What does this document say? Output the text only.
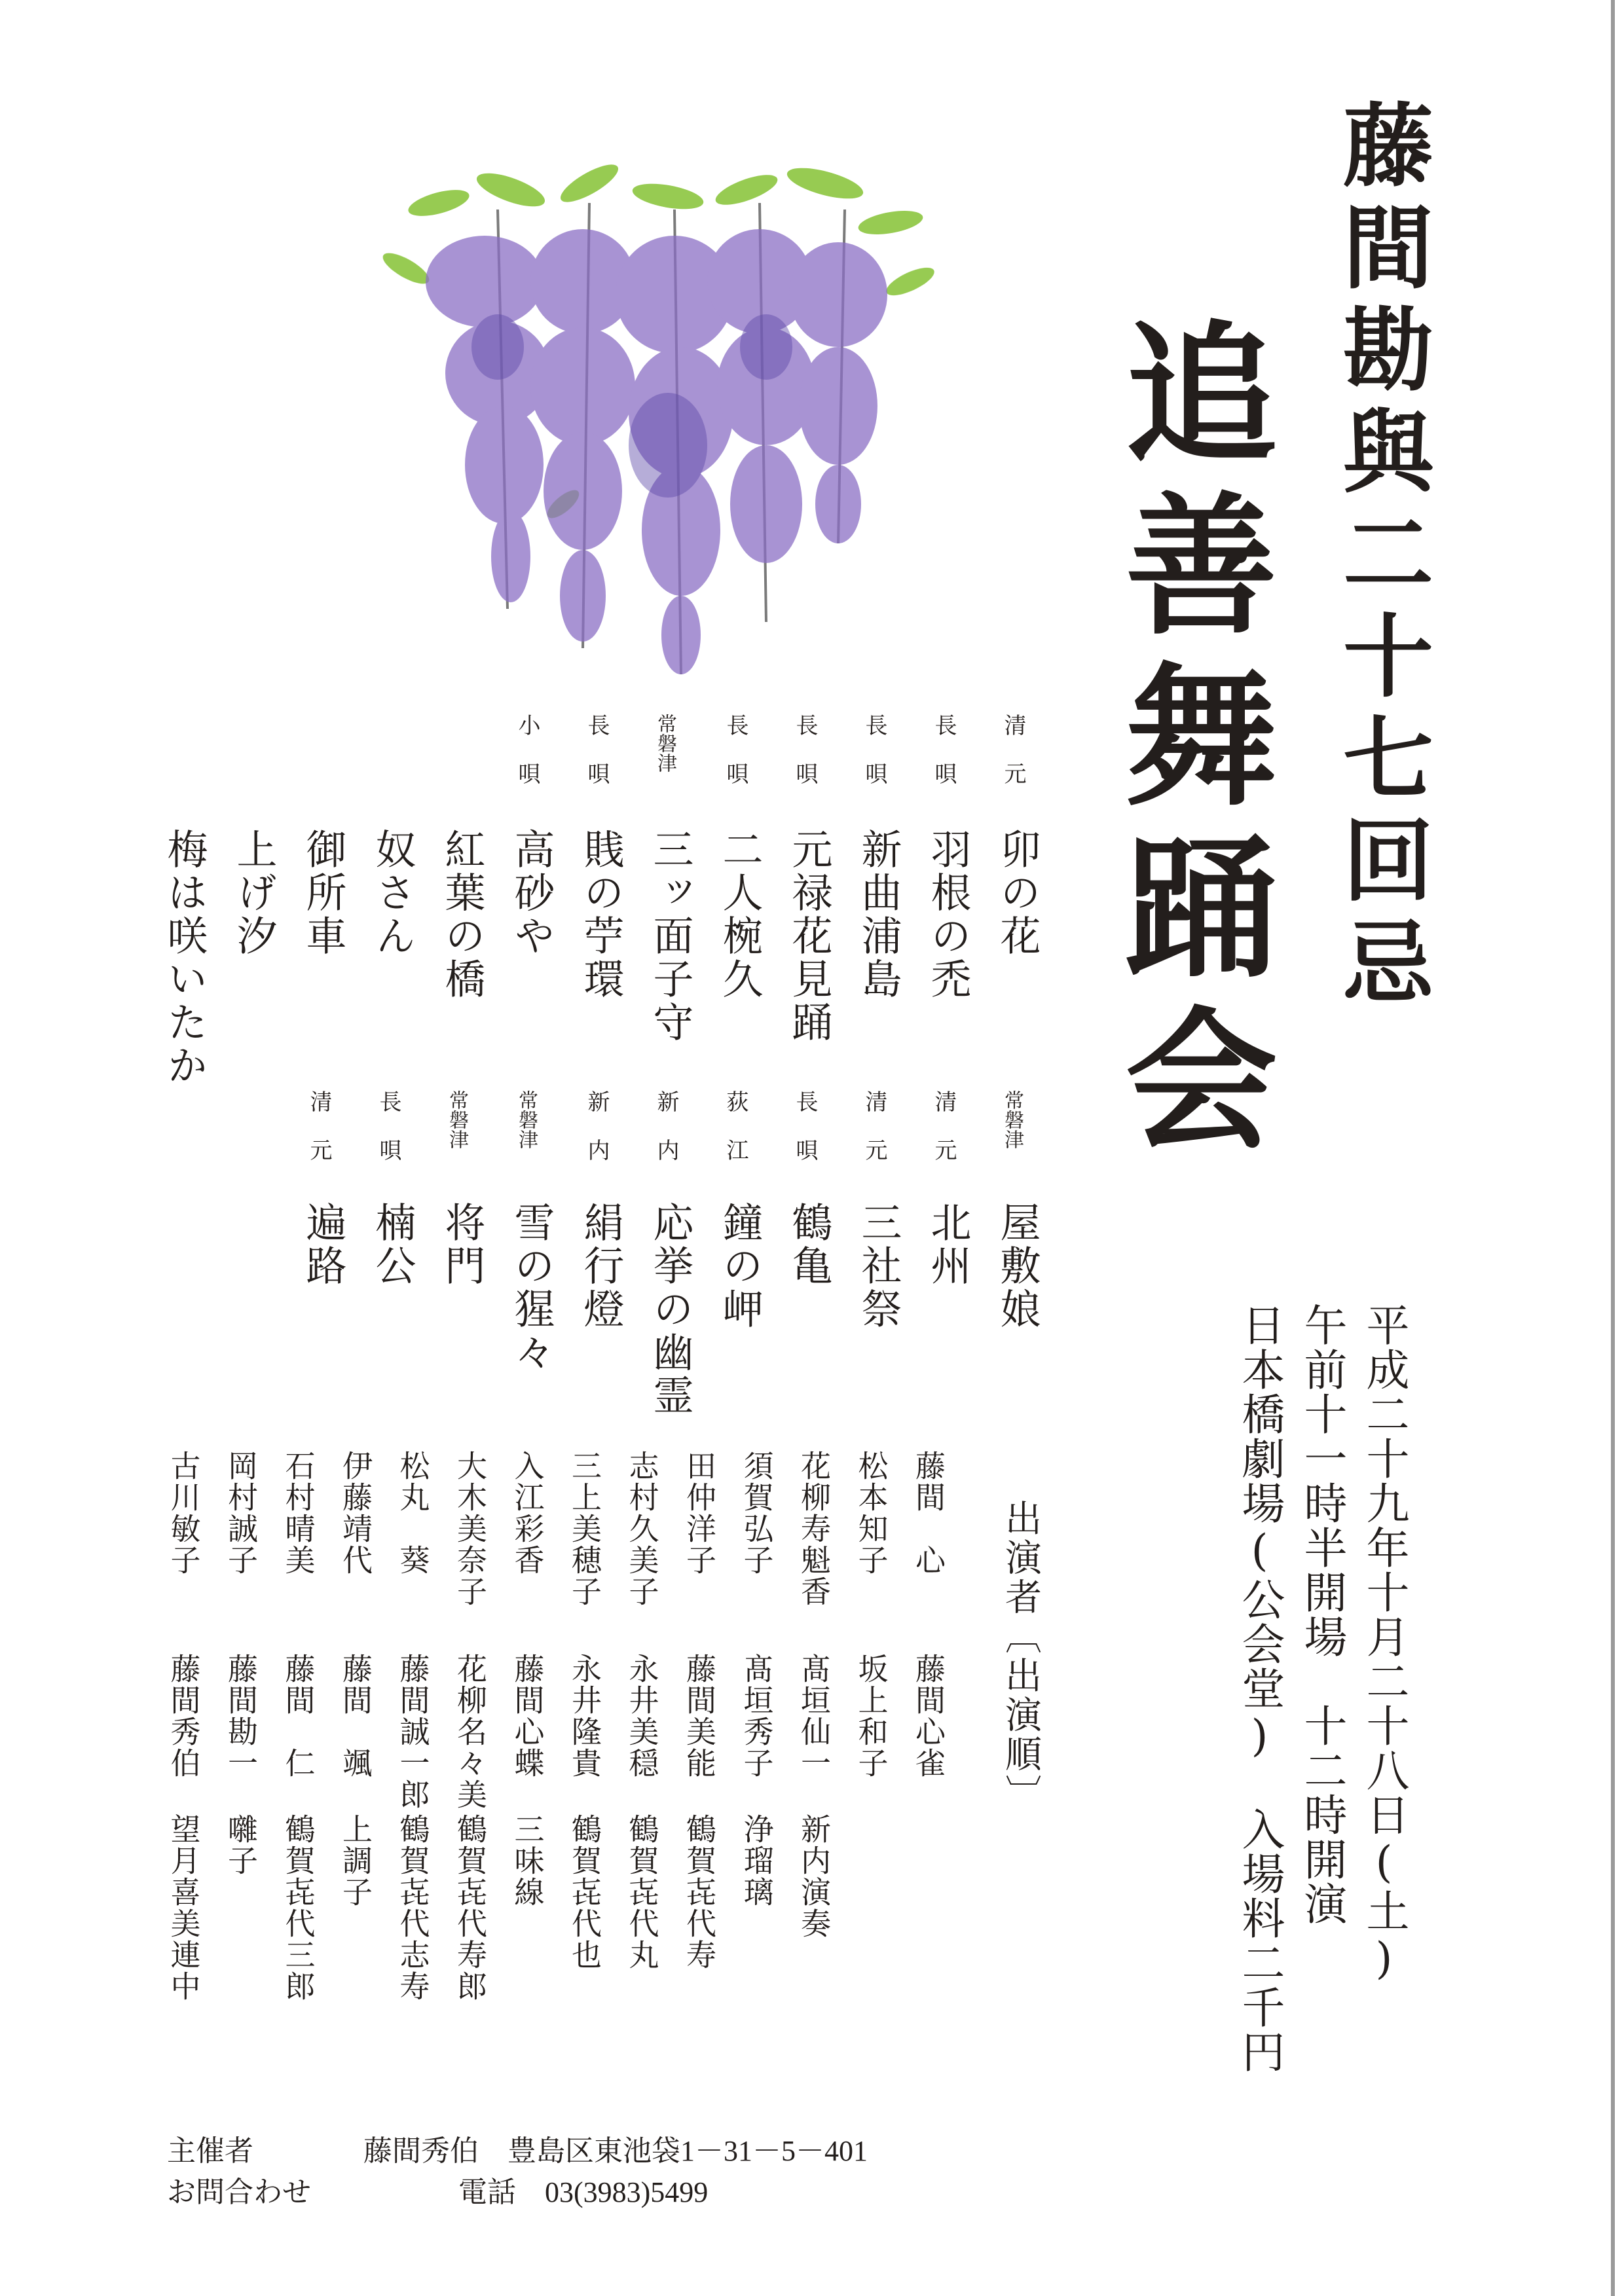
藤間勘與二十七回忌
追善舞踊会
平成二十九年十月二十八日(土)
午前十一時半開場　十二時開演
日本橋劇場(公会堂)　入場料二千円
清元
卯の花
長唄
羽根の禿
長唄
新曲浦島
長唄
元禄花見踊
長唄
二人椀久
常磐津
三ッ面子守
長唄
賎の苧環
小唄
高砂や
紅葉の橋
奴さん
御所車
上げ汐
梅は咲いたか
常磐津
屋敷娘
清元
北州
清元
三社祭
長唄
鶴亀
荻江
鐘の岬
新内
応挙の幽霊
新内
絹行燈
常磐津
雪の猩々
常磐津
将門
長唄
楠公
清元
遍路
出演者〔出演順〕
藤間　心
藤間心雀
松本知子
坂上和子
花柳寿魁香
髙垣仙一
新内演奏
須賀弘子
髙垣秀子
浄瑠璃
田仲洋子
藤間美能
鶴賀㐂代寿
志村久美子
永井美穏
鶴賀㐂代丸
三上美穂子
永井隆貴
鶴賀㐂代也
入江彩香
藤間心蝶
三味線
大木美奈子
花柳名々美
鶴賀㐂代寿郎
松丸　葵
藤間誠一郎
鶴賀㐂代志寿
伊藤靖代
藤間　颯
上調子
石村晴美
藤間　仁
鶴賀㐂代三郎
岡村誠子
藤間勘一
囃子
古川敏子
藤間秀伯
望月喜美連中
主催者	藤間秀伯　豊島区東池袋1－31－5－401
お問合わせ	電話　03(3983)5499
